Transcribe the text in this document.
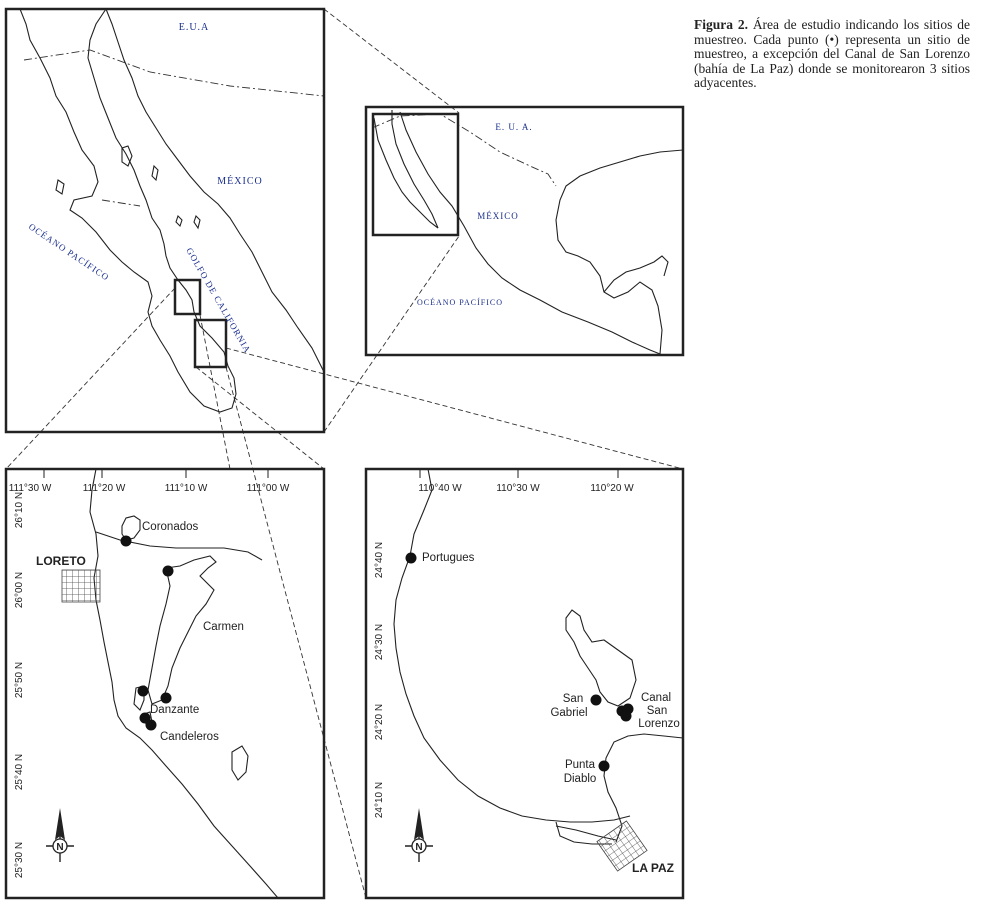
Figura 2. Área de estudio indicando los sitios de muestreo. Cada punto (•) representa un sitio de muestreo, a excepción del Canal de San Lorenzo (bahía de La Paz) donde se monitorearon 3 sitios adyacentes.
E.U.A
MÉXICO
OCÉANO PACÍFICO	GOLFO DE CALIFORNIA
E. U. A.
MÉXICO
OCÉANO PACÍFICO
111°30 W	111°20 W	111°10 W	111°00 W
26°10 N
26°00 N
25°50 N
25°40 N
25°30 N
LORETO
Coronados
Carmen
Danzante
Candeleros
N
110°40 W	110°30 W	110°20 W
24°40 N
24°30 N
24°20 N
24°10 N
LA PAZ
Portugues
San
Gabriel
Canal
San
Lorenzo
Punta
Diablo
N
